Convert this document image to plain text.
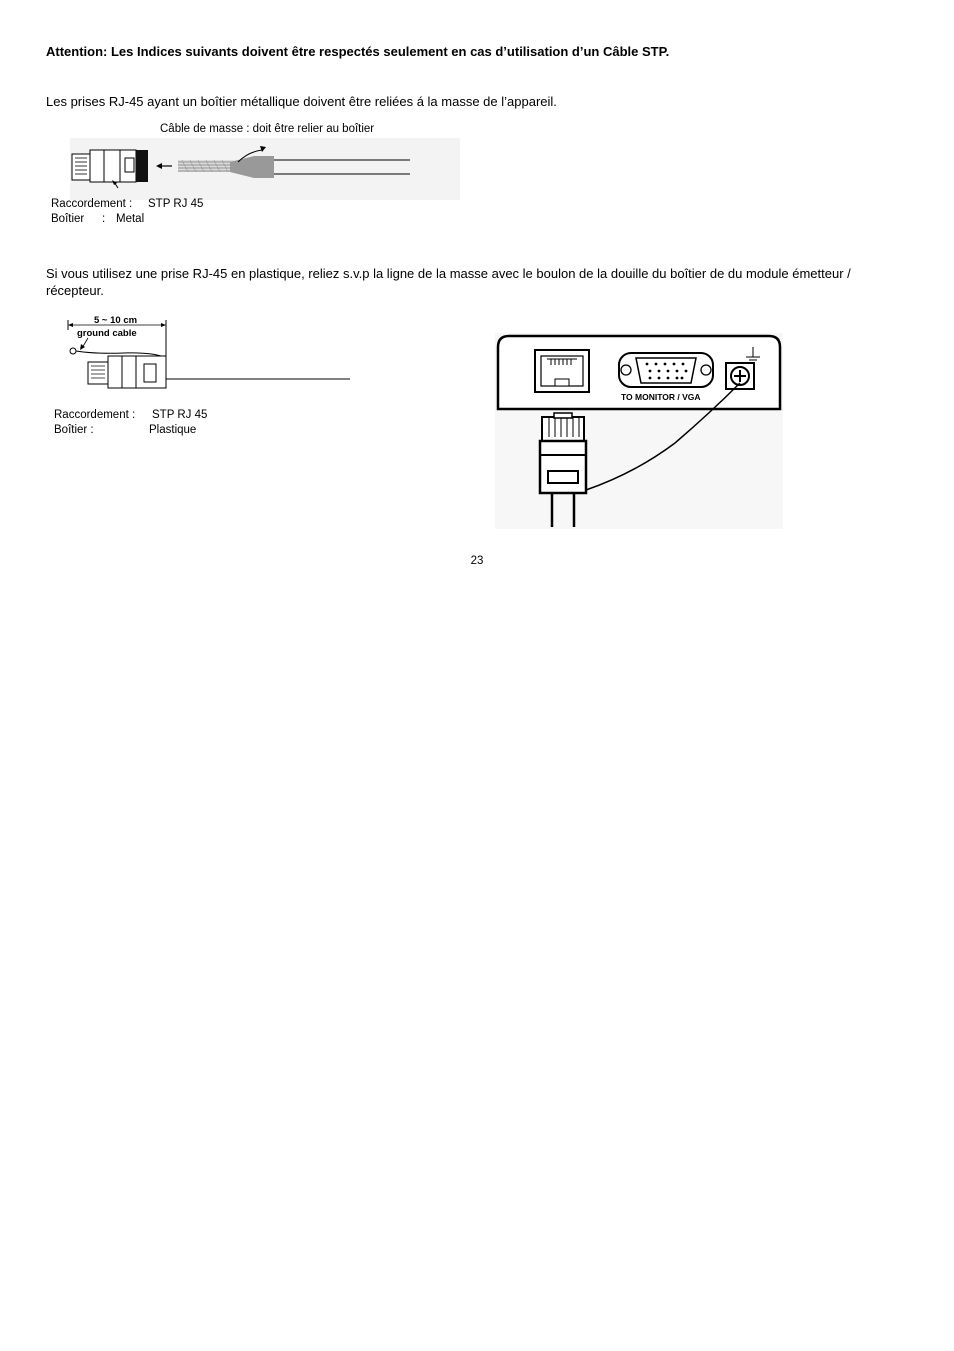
Attention: Les Indices suivants doivent être respectés seulement en cas d’utilisation d’un Câble STP.
Les prises RJ-45 ayant un boîtier métallique doivent être reliées á la masse de l’appareil.
Câble de masse : doit être relier au boîtier
Raccordement : STP RJ 45
Boîtier : Metal
Si vous utilisez une prise RJ-45 en plastique, reliez s.v.p la ligne de la masse avec le boulon de la douille du boîtier de du module émetteur / récepteur.
5 ~ 10 cm
ground cable
Raccordement : STP RJ 45
Boîtier :	Plastique
TO MONITOR / VGA
23
